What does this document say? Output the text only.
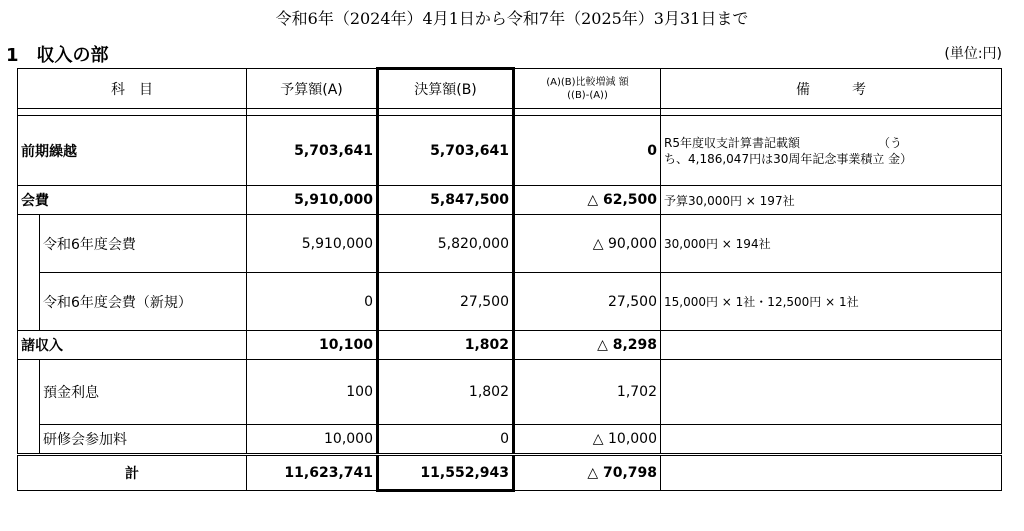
令和6年（2024年）4月1日から令和7年（2025年）3月31日まで
1　収入の部	(単位:円)
科　目		予算額(A)	決算額(B)	(A)(B)比較増減 額
((B)-(A))	備　　　考

前期繰越		5,703,641	5,703,641	0	R5年度収支計算書記載額　　　　　　　（う
ち、4,186,047円は30周年記念事業積立 金）

会費		5,910,000	5,847,500	△ 62,500	予算30,000円 × 197社
	令和6年度会費	5,910,000	5,820,000	△ 90,000	30,000円 × 194社
	令和6年度会費（新規）	0	27,500	27,500	15,000円 × 1社・12,500円 × 1社
諸収入		10,100	1,802	△ 8,298	
	預金利息	100	1,802	1,702	
	研修会参加料	10,000	0	△ 10,000	
計		11,623,741	11,552,943	△ 70,798	
